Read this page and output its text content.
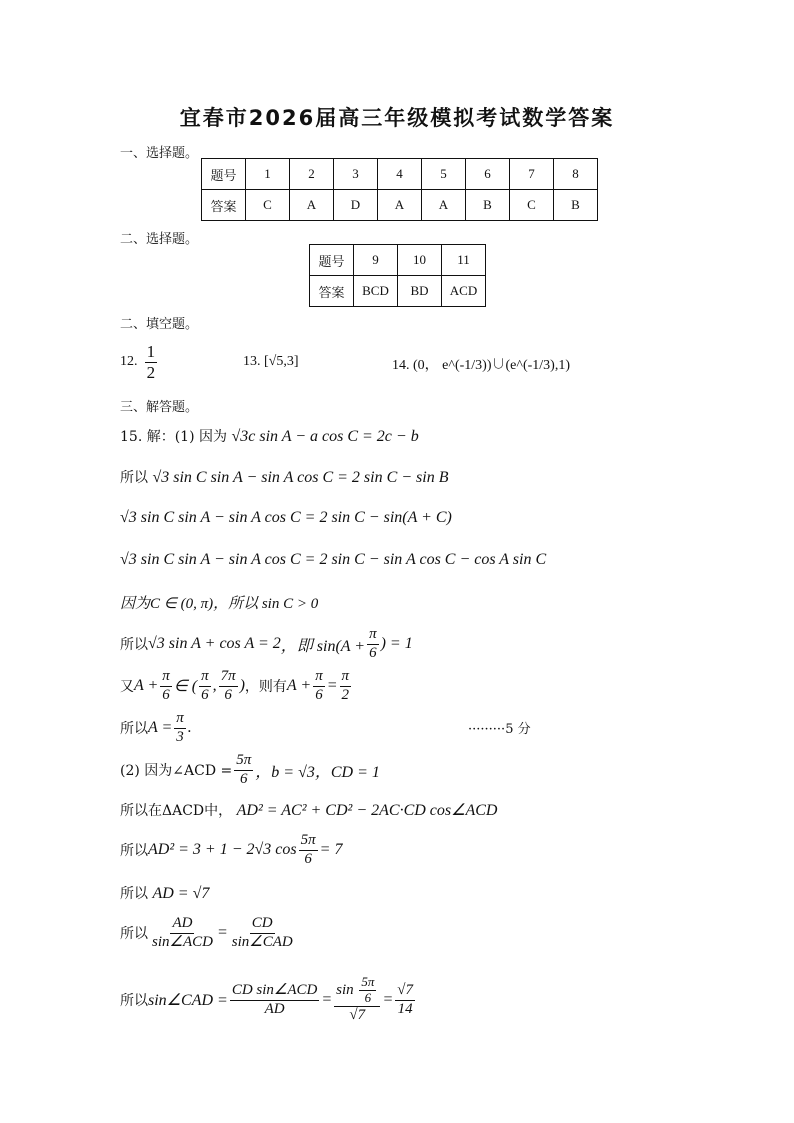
宜春市2026届高三年级模拟考试数学答案
一、选择题。
题号	1	2	3	4	5	6	7	8
答案	C	A	D	A	A	B	C	B
二、选择题。
题号	9	10	11
答案	BCD	BD	ACD
二、填空题。
12. $\frac{1}{2}$	13. [√5,3]	14. (0， e^(-1/3))∪(e^(-1/3),1)
三、解答题。
15. 解：(1) 因为 √3c sin A − a cos C = 2c − b
所以 √3 sin C sin A − sin A cos C = 2 sin C − sin B
√3 sin C sin A − sin A cos C = 2 sin C − sin(A + C)
√3 sin C sin A − sin A cos C = 2 sin C − sin A cos C − cos A sin C
因为C ∈ (0, π)，所以 sin C > 0
所以 √3 sin A + cos A = 2 ，即 $\sin(A + \frac{\pi}{6}$ ) = 1
又 $A + \frac{\pi}{6}$ ∈ ( $\frac{\pi}{6}$ , $\frac{7\pi}{6}$ ) ，则有 $A + \frac{\pi}{6} = \frac{\pi}{2}$
所以 $A = \frac{\pi}{3}$ .	·········5 分
(2) 因为∠ACD = $\frac{5\pi}{6}$ ，b = √3，CD = 1
所以在ΔACD中， AD² = AC² + CD² − 2AC·CD cos∠ACD
所以 AD² = 3 + 1 − 2√3 $\cos \frac{5\pi}{6} = 7$
所以 AD = √7
所以 $\frac{AD}{\text{sin∠ACD}} = \frac{CD}{\text{sin∠CAD}}$
所以 sin∠CAD = $\frac{\text{CD sin∠ACD}}{AD} = \frac{\sin \frac{5\pi}{6}}{√7} = \frac{√7}{14}$
